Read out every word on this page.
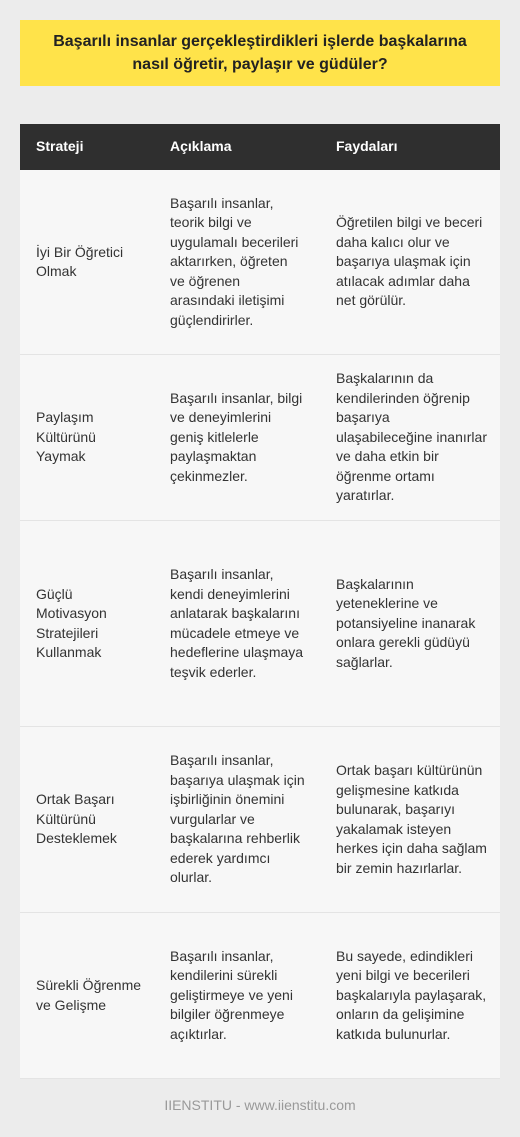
Başarılı insanlar gerçekleştirdikleri işlerde başkalarına nasıl öğretir, paylaşır ve güdüler?
Strateji	Açıklama	Faydaları
İyi Bir Öğretici Olmak
Başarılı insanlar, teorik bilgi ve uygulamalı becerileri aktarırken, öğreten ve öğrenen arasındaki iletişimi güçlendirirler.
Öğretilen bilgi ve beceri daha kalıcı olur ve başarıya ulaşmak için atılacak adımlar daha net görülür.
Paylaşım Kültürünü Yaymak
Başarılı insanlar, bilgi ve deneyimlerini geniş kitlelerle paylaşmaktan çekinmezler.
Başkalarının da kendilerinden öğrenip başarıya ulaşabileceğine inanırlar ve daha etkin bir öğrenme ortamı yaratırlar.
Güçlü Motivasyon Stratejileri Kullanmak
Başarılı insanlar, kendi deneyimlerini anlatarak başkalarını mücadele etmeye ve hedeflerine ulaşmaya teşvik ederler.
Başkalarının yeteneklerine ve potansiyeline inanarak onlara gerekli güdüyü sağlarlar.
Ortak Başarı Kültürünü Desteklemek
Başarılı insanlar, başarıya ulaşmak için işbirliğinin önemini vurgularlar ve başkalarına rehberlik ederek yardımcı olurlar.
Ortak başarı kültürünün gelişmesine katkıda bulunarak, başarıyı yakalamak isteyen herkes için daha sağlam bir zemin hazırlarlar.
Sürekli Öğrenme ve Gelişme
Başarılı insanlar, kendilerini sürekli geliştirmeye ve yeni bilgiler öğrenmeye açıktırlar.
Bu sayede, edindikleri yeni bilgi ve becerileri başkalarıyla paylaşarak, onların da gelişimine katkıda bulunurlar.
IIENSTITU - www.iienstitu.com
